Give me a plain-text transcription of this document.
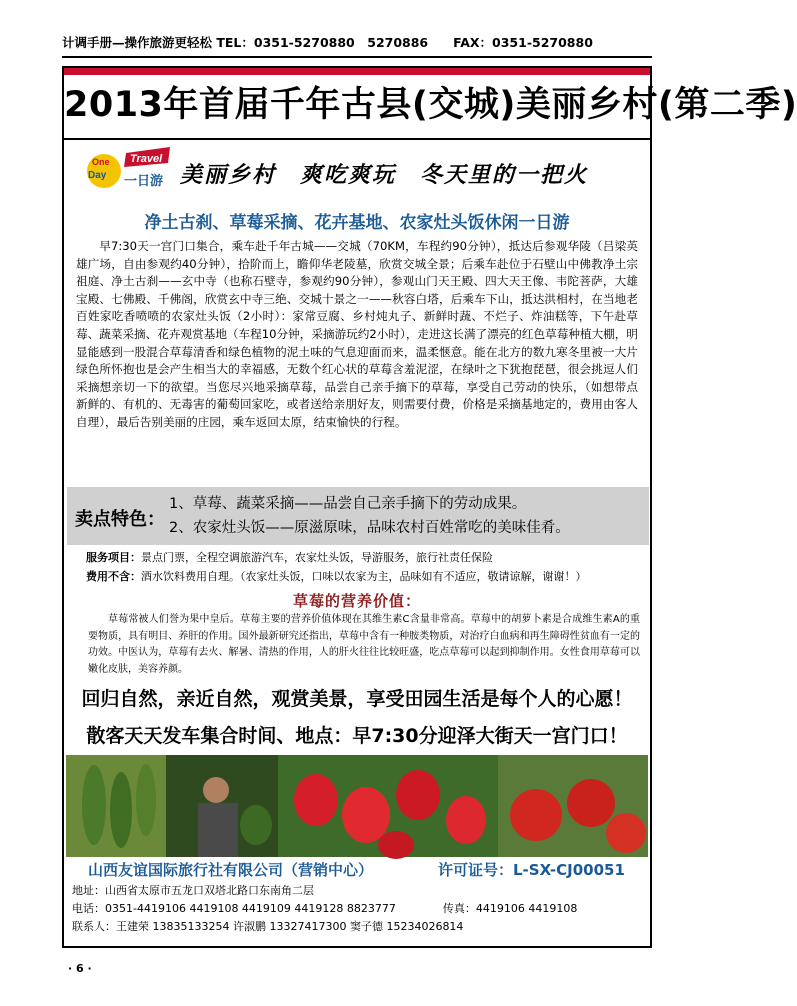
计调手册—操作旅游更轻松 TEL：0351-5270880　5270886　　FAX：0351-5270880
2013年首届千年古县(交城)美丽乡村(第二季)
One
Day
Travel
一日游 美丽乡村　爽吃爽玩　冬天里的一把火
净土古刹、草莓采摘、花卉基地、农家灶头饭休闲一日游
早7:30天一宫门口集合，乘车赴千年古城——交城（70KM，车程约90分钟），抵达后参观华陵（吕梁英雄广场，自由参观约40分钟），拾阶而上，瞻仰华老陵墓，欣赏交城全景；后乘车赴位于石壁山中佛教净土宗祖庭、净土古刹——玄中寺（也称石壁寺，参观约90分钟），参观山门天王殿、四大天王像、韦陀菩萨，大雄宝殿、七佛殿、千佛阁，欣赏玄中寺三绝、交城十景之一——秋容白塔，后乘车下山，抵达洪相村，在当地老百姓家吃香喷喷的农家灶头饭（2小时）：家常豆腐、乡村炖丸子、新鲜时蔬、不烂子、炸油糕等，下午赴草莓、蔬菜采摘、花卉观赏基地（车程10分钟，采摘游玩约2小时），走进这长满了漂亮的红色草莓种植大棚，明显能感到一股混合草莓清香和绿色植物的泥土味的气息迎面而来，温柔惬意。能在北方的数九寒冬里被一大片绿色所怀抱也是会产生相当大的幸福感，无数个红心状的草莓含羞泥涩，在绿叶之下犹抱琵琶，很会挑逗人们采摘想亲切一下的欲望。当您尽兴地采摘草莓，品尝自己亲手摘下的草莓，享受自己劳动的快乐，（如想带点新鲜的、有机的、无毒害的葡萄回家吃，或者送给亲朋好友，则需要付费，价格是采摘基地定的，费用由客人自理），最后告别美丽的庄园，乘车返回太原，结束愉快的行程。
卖点特色：
1、草莓、蔬菜采摘——品尝自己亲手摘下的劳动成果。
2、农家灶头饭——原滋原味，品味农村百姓常吃的美味佳肴。
服务项目：景点门票，全程空调旅游汽车，农家灶头饭，导游服务，旅行社责任保险
费用不含：酒水饮料费用自理。（农家灶头饭，口味以农家为主，品味如有不适应，敬请谅解，谢谢！）
草莓的营养价值：
草莓常被人们誉为果中皇后。草莓主要的营养价值体现在其维生素C含量非常高。草莓中的胡萝卜素是合成维生素A的重要物质，具有明目、养肝的作用。国外最新研究还指出，草莓中含有一种胺类物质，对治疗白血病和再生障碍性贫血有一定的功效。中医认为，草莓有去火、解暑、清热的作用，人的肝火往往比较旺盛，吃点草莓可以起到抑制作用。女性食用草莓可以嫩化皮肤，美容养颜。
回归自然，亲近自然，观赏美景，享受田园生活是每个人的心愿！
散客天天发车集合时间、地点：早7:30分迎泽大街天一宫门口！
山西友谊国际旅行社有限公司（营销中心）	许可证号：L-SX-CJ00051
地址：山西省太原市五龙口双塔北路口东南角二层
电话：0351-4419106 4419108 4419109 4419128 8823777	传真：4419106 4419108
联系人：王建荣 13835133254 许淑鹏 13327417300 窦子德 15234026814
· 6 ·
